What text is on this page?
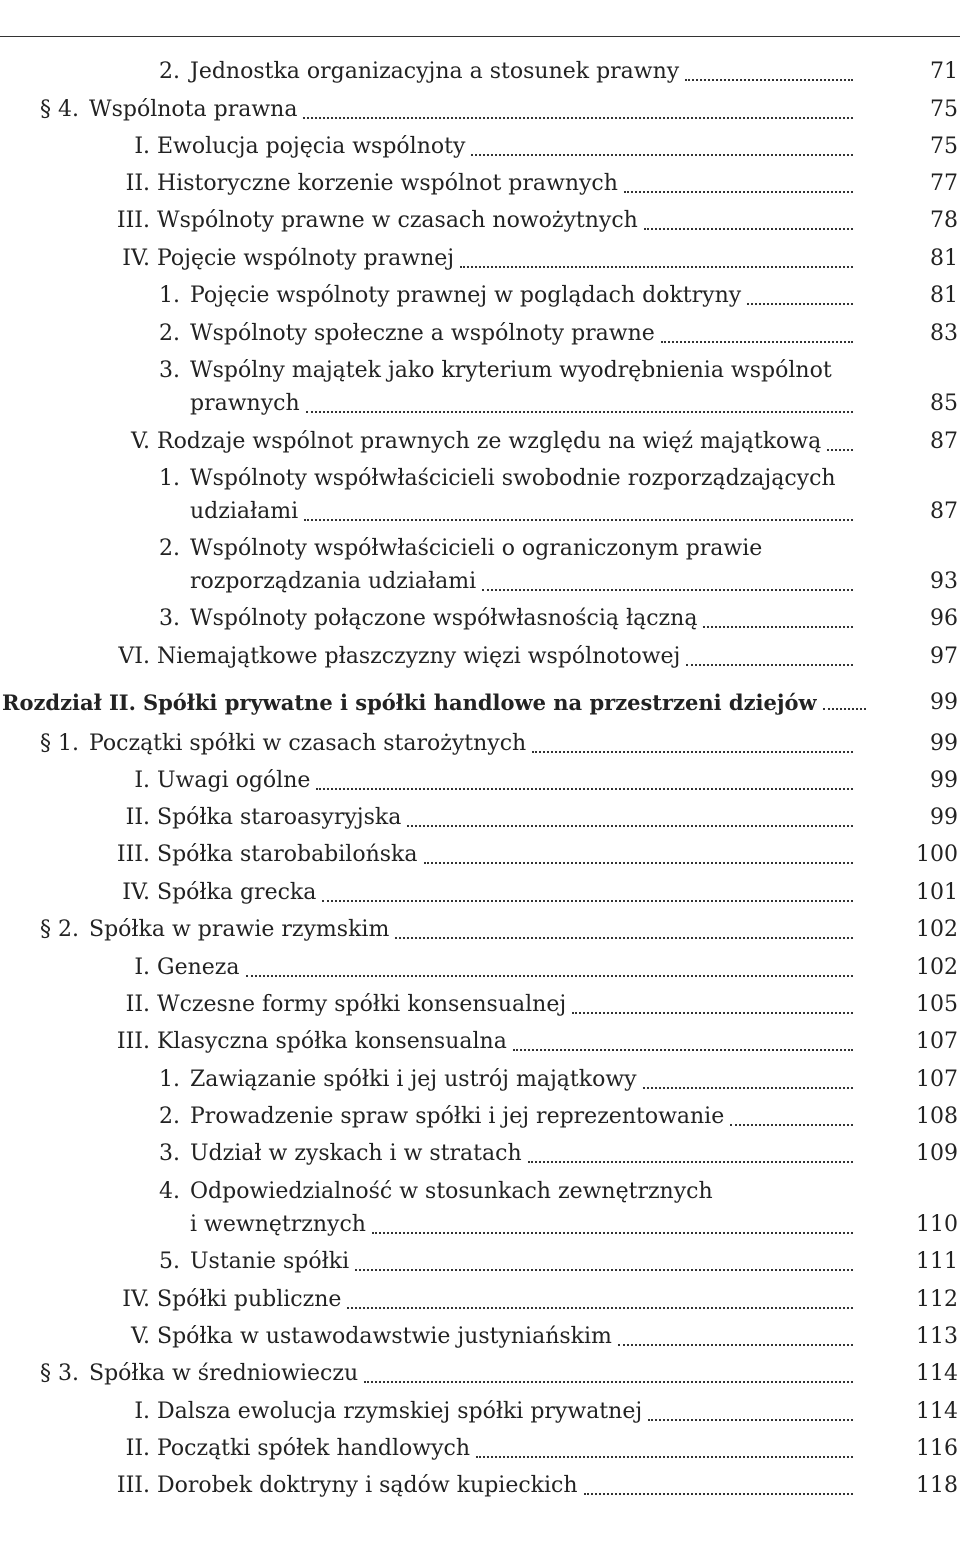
2. Jednostka organizacyjna a stosunek prawny	71
§ 4. Wspólnota prawna	75
I. Ewolucja pojęcia wspólnoty	75
II. Historyczne korzenie wspólnot prawnych	77
III. Wspólnoty prawne w czasach nowożytnych	78
IV. Pojęcie wspólnoty prawnej	81
1. Pojęcie wspólnoty prawnej w poglądach doktryny	81
2. Wspólnoty społeczne a wspólnoty prawne	83
3. Wspólny majątek jako kryterium wyodrębnienia wspólnot
prawnych	85
V. Rodzaje wspólnot prawnych ze względu na więź majątkową	87
1. Wspólnoty współwłaścicieli swobodnie rozporządzających
udziałami	87
2. Wspólnoty współwłaścicieli o ograniczonym prawie
rozporządzania udziałami	93
3. Wspólnoty połączone współwłasnością łączną	96
VI. Niemajątkowe płaszczyzny więzi wspólnotowej	97
Rozdział II. Spółki prywatne i spółki handlowe na przestrzeni dziejów	99
§ 1. Początki spółki w czasach starożytnych	99
I. Uwagi ogólne	99
II. Spółka staroasyryjska	99
III. Spółka starobabilońska	100
IV. Spółka grecka	101
§ 2. Spółka w prawie rzymskim	102
I. Geneza	102
II. Wczesne formy spółki konsensualnej	105
III. Klasyczna spółka konsensualna	107
1. Zawiązanie spółki i jej ustrój majątkowy	107
2. Prowadzenie spraw spółki i jej reprezentowanie	108
3. Udział w zyskach i w stratach	109
4. Odpowiedzialność w stosunkach zewnętrznych
i wewnętrznych	110
5. Ustanie spółki	111
IV. Spółki publiczne	112
V. Spółka w ustawodawstwie justyniańskim	113
§ 3. Spółka w średniowieczu	114
I. Dalsza ewolucja rzymskiej spółki prywatnej	114
II. Początki spółek handlowych	116
III. Dorobek doktryny i sądów kupieckich	118
